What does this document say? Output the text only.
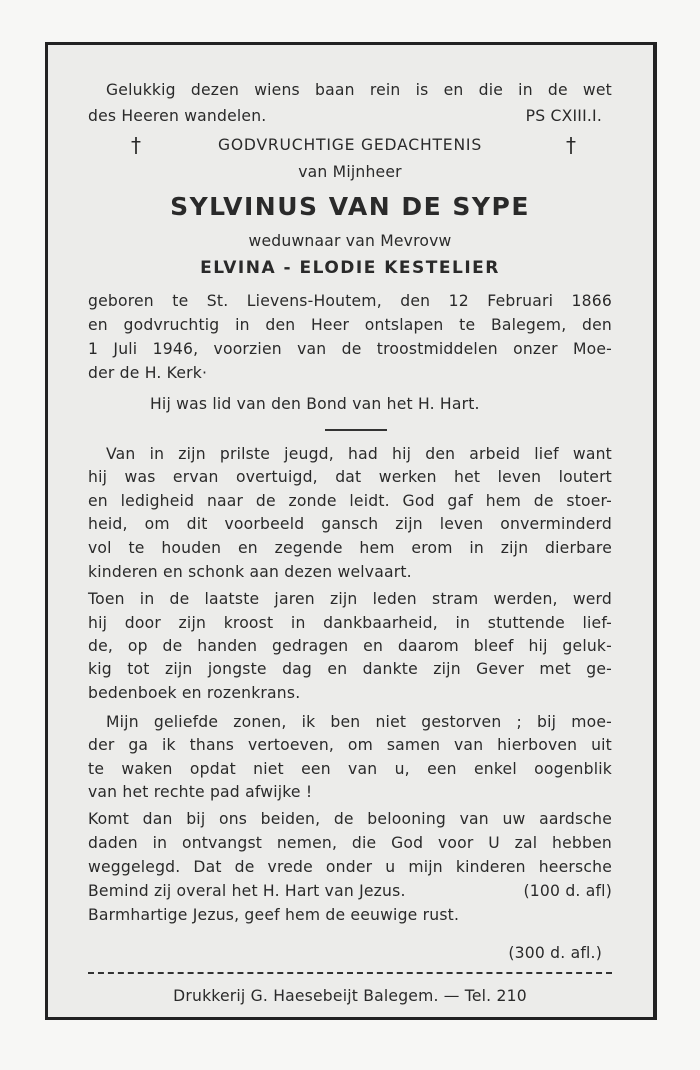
Gelukkig dezen wiens baan rein is en die in de wet
des Heeren wandelen.	PS CXIII.I.
†	GODVRUCHTIGE GEDACHTENIS	†
van Mijnheer
SYLVINUS VAN DE SYPE
weduwnaar van Mevrovw
ELVINA - ELODIE KESTELIER
geboren te St. Lievens-Houtem, den 12 Februari 1866
en godvruchtig in den Heer ontslapen te Balegem, den
1 Juli 1946, voorzien van de troostmiddelen onzer Moe-
der de H. Kerk·
Hij was lid van den Bond van het H. Hart.
Van in zijn prilste jeugd, had hij den arbeid lief want
hij was ervan overtuigd, dat werken het leven loutert
en ledigheid naar de zonde leidt. God gaf hem de stoer-
heid, om dit voorbeeld gansch zijn leven onverminderd
vol te houden en zegende hem erom in zijn dierbare
kinderen en schonk aan dezen welvaart.
Toen in de laatste jaren zijn leden stram werden, werd
hij door zijn kroost in dankbaarheid, in stuttende lief-
de, op de handen gedragen en daarom bleef hij geluk-
kig tot zijn jongste dag en dankte zijn Gever met ge-
bedenboek en rozenkrans.
Mijn geliefde zonen, ik ben niet gestorven ; bij moe-
der ga ik thans vertoeven, om samen van hierboven uit
te waken opdat niet een van u, een enkel oogenblik
van het rechte pad afwijke !
Komt dan bij ons beiden, de belooning van uw aardsche
daden in ontvangst nemen, die God voor U zal hebben
weggelegd. Dat de vrede onder u mijn kinderen heersche
Bemind zij overal het H. Hart van Jezus.	(100 d. afl)
Barmhartige Jezus, geef hem de eeuwige rust.
(300 d. afl.)
Drukkerij G. Haesebeijt Balegem. — Tel. 210
